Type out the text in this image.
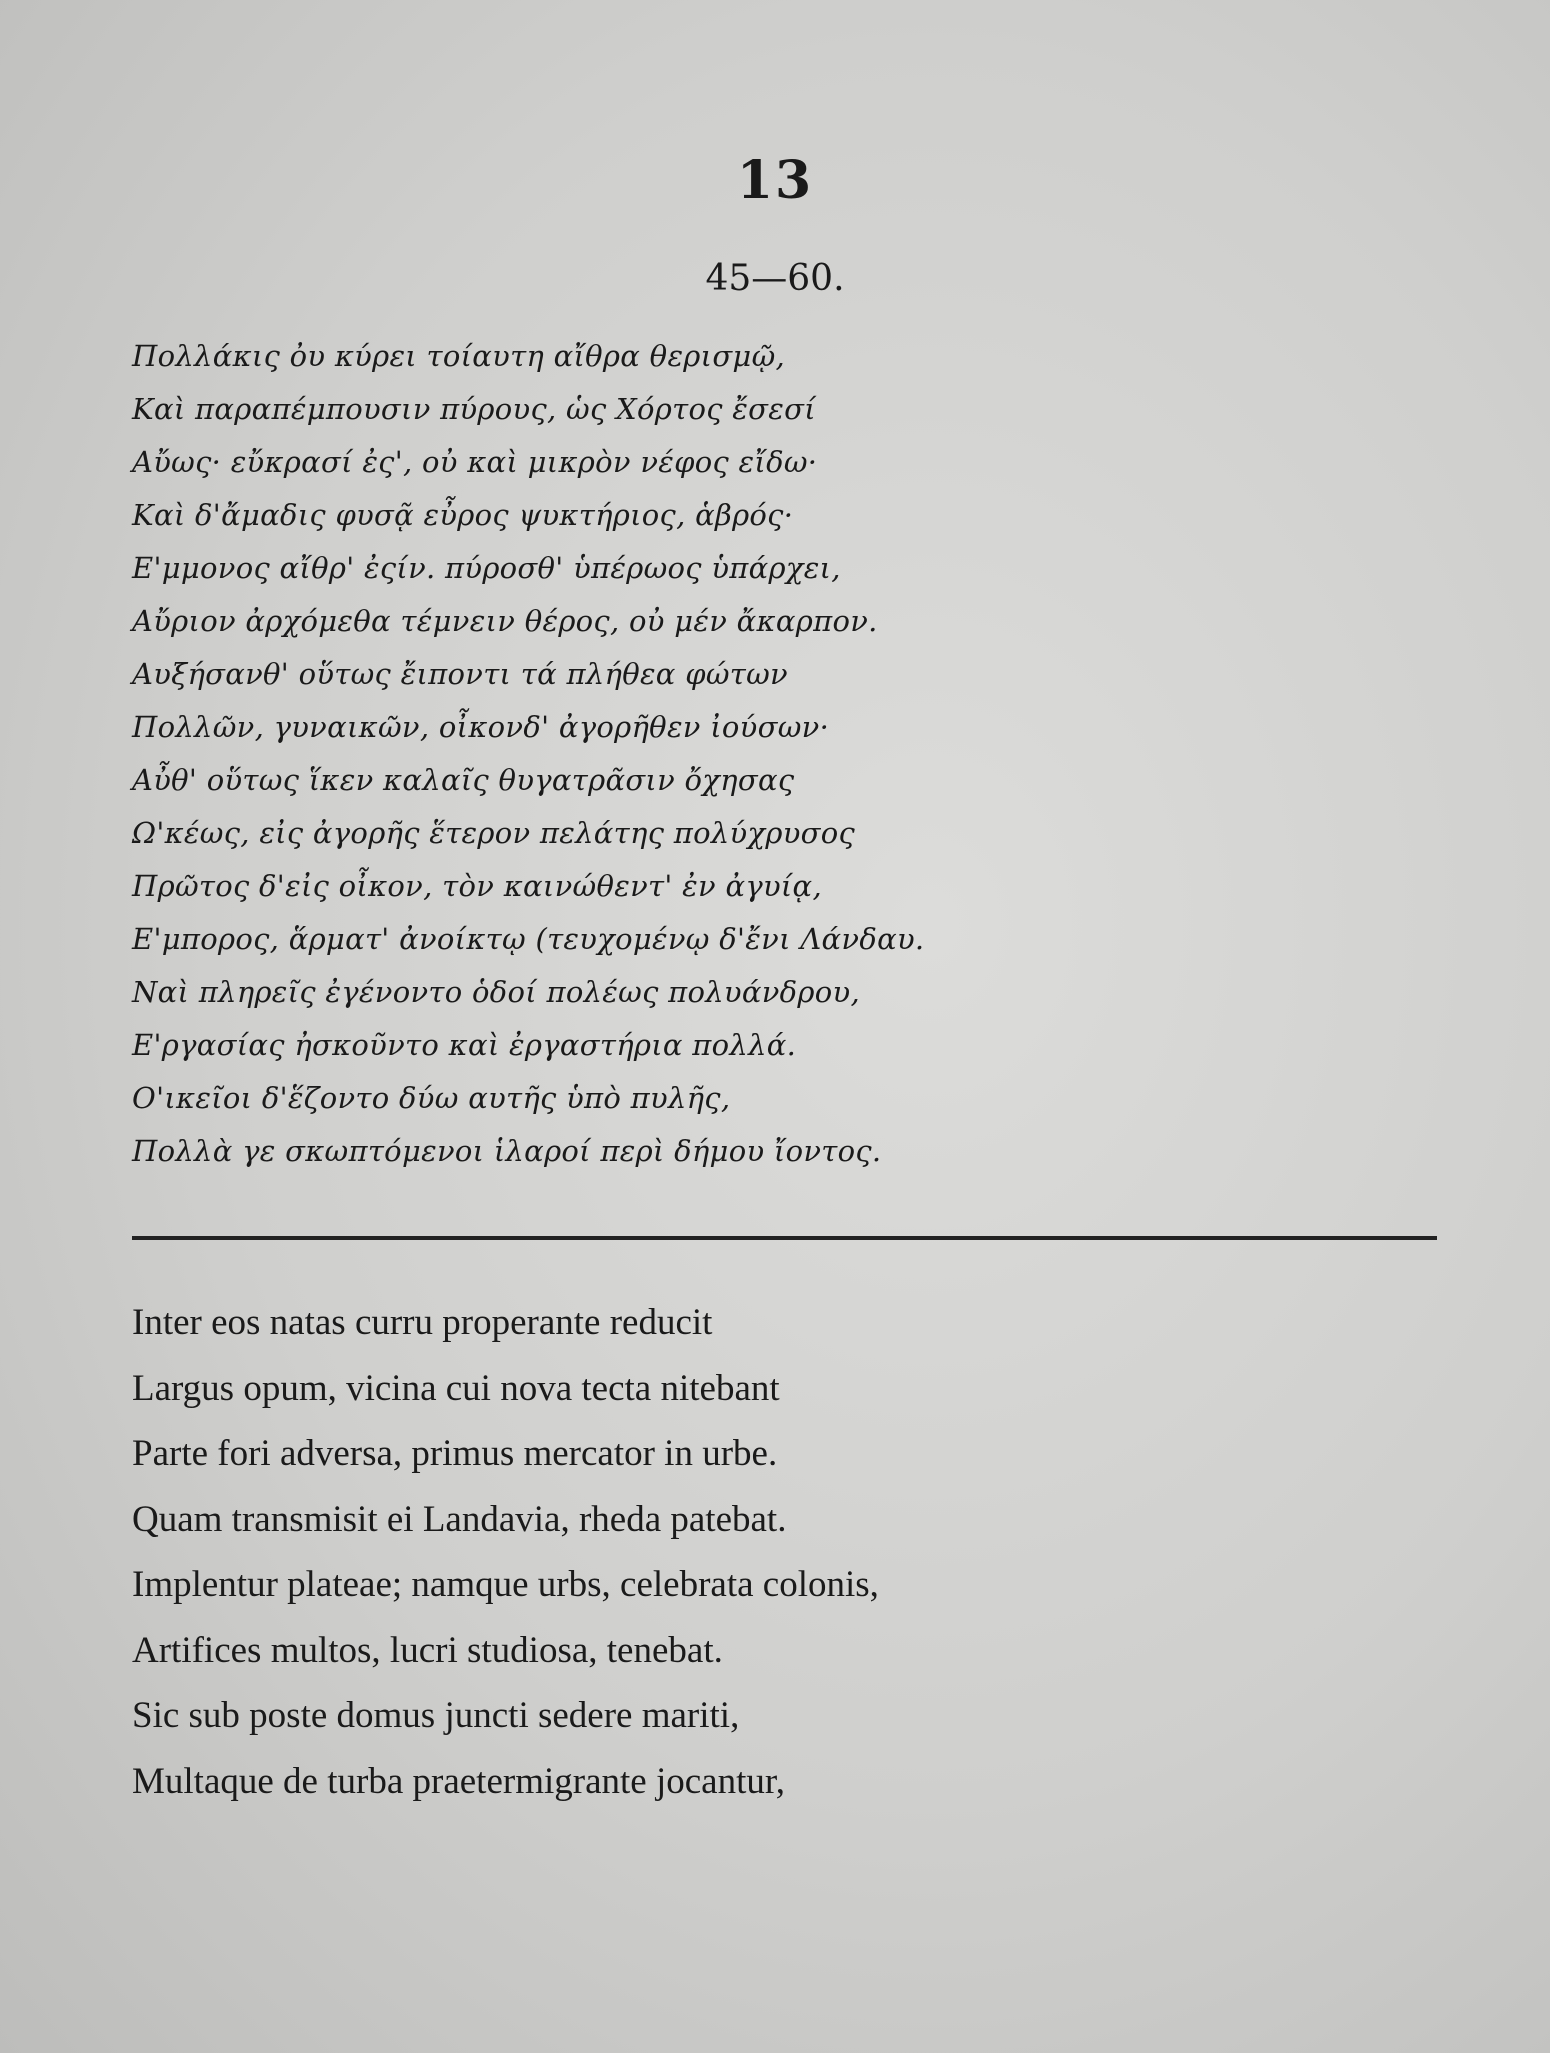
13
45—60.
Πολλάκις ὀυ κύρει τοίαυτη αἴθρα θερισμῷ,
Καὶ παραπέμπουσιν πύρους, ὡς Χόρτος ἔσεσί
Αὔως· εὔκρασί ἐς', οὐ καὶ μικρὸν νέφος εἴδω·
Καὶ δ'ἄμαδις φυσᾷ εὖρος ψυκτήριος, ἁβρός·
Ε'μμονος αἴθρ' ἐςίν. πύροσθ' ὑπέρωος ὑπάρχει,
Αὔριον ἀρχόμεθα τέμνειν θέρος, οὐ μέν ἄκαρπον.
Αυξήσανθ' οὕτως ἔιποντι τά πλήθεα φώτων
Πολλῶν, γυναικῶν, οἶκονδ' ἀγορῆθεν ἰούσων·
Αὖθ' οὕτως ἵκεν καλαῖς θυγατρᾶσιν ὄχησας
Ω'κέως, εἰς ἀγορῆς ἕτερον πελάτης πολύχρυσος
Πρῶτος δ'εἰς οἶκον, τὸν καινώθεντ' ἐν ἀγυίᾳ,
Ε'μπορος, ἅρματ' ἀνοίκτῳ (τευχομένῳ δ'ἔνι Λάνδαυ.
Ναὶ πληρεῖς ἐγένοντο ὁδοί πολέως πολυάνδρου,
Ε'ργασίας ἠσκοῦντο καὶ ἐργαστήρια πολλά.
Ο'ικεῖοι δ'ἕζοντο δύω αυτῆς ὑπὸ πυλῆς,
Πολλὰ γε σκωπτόμενοι ἱλαροί περὶ δήμου ἴοντος.
Inter eos natas curru properante reducit
Largus opum, vicina cui nova tecta nitebant
Parte fori adversa, primus mercator in urbe.
Quam transmisit ei Landavia, rheda patebat.
Implentur plateae; namque urbs, celebrata colonis,
Artifices multos, lucri studiosa, tenebat.
Sic sub poste domus juncti sedere mariti,
Multaque de turba praetermigrante jocantur,
